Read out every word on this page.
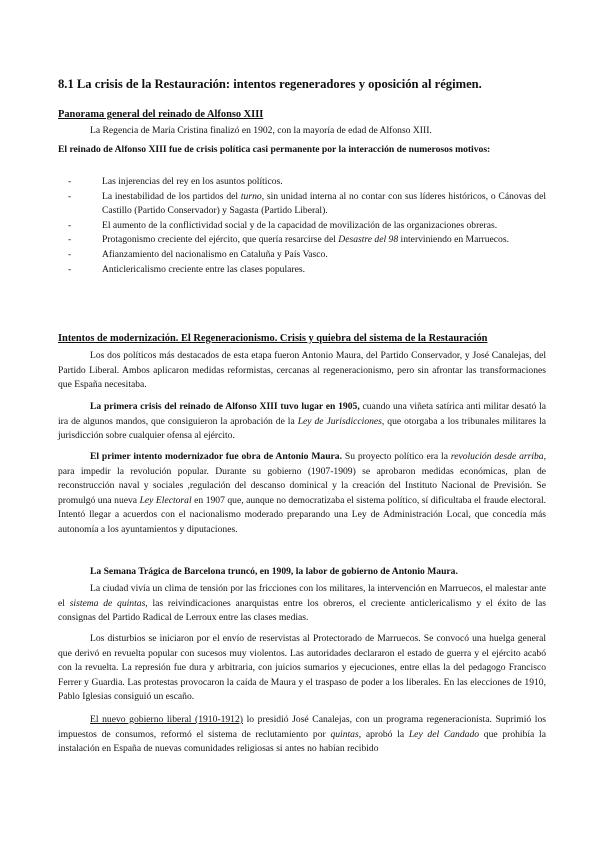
8.1 La crisis de la Restauración: intentos regeneradores y oposición al régimen.
Panorama general del reinado de Alfonso XIII
La Regencia de María Cristina finalizó en 1902, con la mayoría de edad de Alfonso XIII.
El reinado de Alfonso XIII fue de crisis política casi permanente por la interacción de numerosos motivos:
-	Las injerencias del rey en los asuntos políticos.
-	La inestabilidad de los partidos del turno, sin unidad interna al no contar con sus líderes históricos, o Cánovas del Castillo (Partido Conservador) y Sagasta (Partido Liberal).
-	El aumento de la conflictividad social y de la capacidad de movilización de las organizaciones obreras.
-	Protagonismo creciente del ejército, que quería resarcirse del Desastre del 98 interviniendo en Marruecos.
-	Afianzamiento del nacionalismo en Cataluña y País Vasco.
-	Anticlericalismo creciente entre las clases populares.
Intentos de modernización. El Regeneracionismo. Crisis y quiebra del sistema de la Restauración
Los dos políticos más destacados de esta etapa fueron Antonio Maura, del Partido Conservador, y José Canalejas, del Partido Liberal. Ambos aplicaron medidas reformistas, cercanas al regeneracionismo, pero sin afrontar las transformaciones que España necesitaba.
La primera crisis del reinado de Alfonso XIII tuvo lugar en 1905, cuando una viñeta satírica anti militar desató la ira de algunos mandos, que consiguieron la aprobación de la Ley de Jurisdicciones, que otorgaba a los tribunales militares la jurisdicción sobre cualquier ofensa al ejército.
El primer intento modernizador fue obra de Antonio Maura. Su proyecto político era la revolución desde arriba, para impedir la revolución popular. Durante su gobierno (1907-1909) se aprobaron medidas económicas, plan de reconstrucción naval y sociales ,regulación del descanso dominical y la creación del Instituto Nacional de Previsión. Se promulgó una nueva Ley Electoral en 1907 que, aunque no democratizaba el sistema político, sí dificultaba el fraude electoral. Intentó llegar a acuerdos con el nacionalismo moderado preparando una Ley de Administración Local, que concedía más autonomía a los ayuntamientos y diputaciones.
La Semana Trágica de Barcelona truncó, en 1909, la labor de gobierno de Antonio Maura.
La ciudad vivía un clima de tensión por las fricciones con los militares, la intervención en Marruecos, el malestar ante el sistema de quintas, las reivindicaciones anarquistas entre los obreros, el creciente anticlericalismo y el éxito de las consignas del Partido Radical de Lerroux entre las clases medias.
Los disturbios se iniciaron por el envío de reservistas al Protectorado de Marruecos. Se convocó una huelga general que derivó en revuelta popular con sucesos muy violentos. Las autoridades declararon el estado de guerra y el ejército acabó con la revuelta. La represión fue dura y arbitraria, con juicios sumarios y ejecuciones, entre ellas la del pedagogo Francisco Ferrer y Guardia. Las protestas provocaron la caída de Maura y el traspaso de poder a los liberales. En las elecciones de 1910, Pablo Iglesias consiguió un escaño.
El nuevo gobierno liberal (1910-1912) lo presidió José Canalejas, con un programa regeneracionista. Suprimió los impuestos de consumos, reformó el sistema de reclutamiento por quintas, aprobó la Ley del Candado que prohibía la instalación en España de nuevas comunidades religiosas si antes no habían recibido
